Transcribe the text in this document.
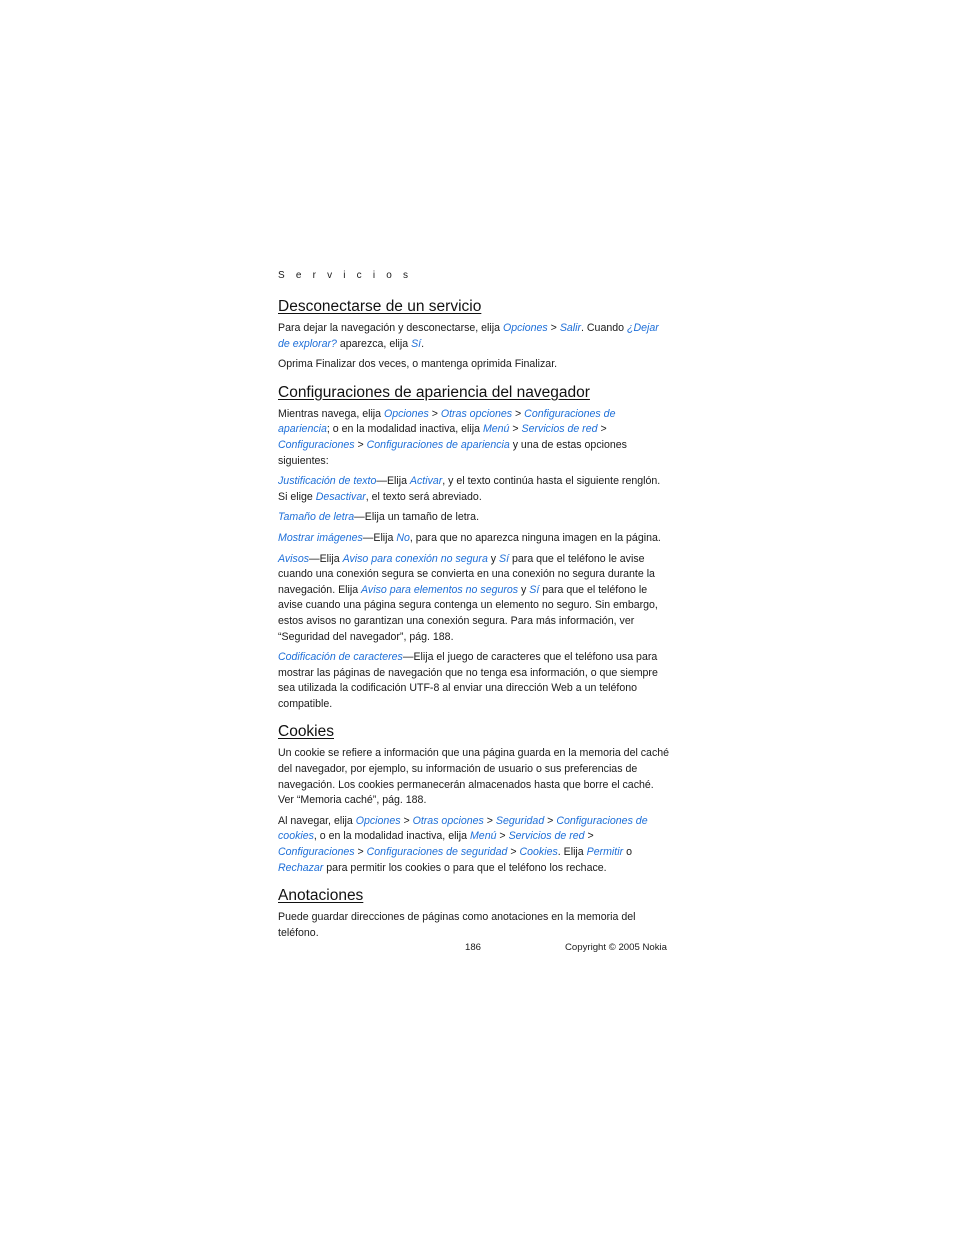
S e r v i c i o s
Desconectarse de un servicio

Para dejar la navegación y desconectarse, elija Opciones > Salir. Cuando ¿Dejar de explorar? aparezca, elija Sí.

Oprima Finalizar dos veces, o mantenga oprimida Finalizar.

Configuraciones de apariencia del navegador

Mientras navega, elija Opciones > Otras opciones > Configuraciones de apariencia; o en la modalidad inactiva, elija Menú > Servicios de red > Configuraciones > Configuraciones de apariencia y una de estas opciones siguientes:

Justificación de texto—Elija Activar, y el texto continúa hasta el siguiente renglón. Si elige Desactivar, el texto será abreviado.

Tamaño de letra—Elija un tamaño de letra.

Mostrar imágenes—Elija No, para que no aparezca ninguna imagen en la página.

Avisos—Elija Aviso para conexión no segura y Sí para que el teléfono le avise cuando una conexión segura se convierta en una conexión no segura durante la navegación. Elija Aviso para elementos no seguros y Sí para que el teléfono le avise cuando una página segura contenga un elemento no seguro. Sin embargo, estos avisos no garantizan una conexión segura. Para más información, ver “Seguridad del navegador”, pág. 188.

Codificación de caracteres—Elija el juego de caracteres que el teléfono usa para mostrar las páginas de navegación que no tenga esa información, o que siempre sea utilizada la codificación UTF-8 al enviar una dirección Web a un teléfono compatible.

Cookies

Un cookie se refiere a información que una página guarda en la memoria del caché del navegador, por ejemplo, su información de usuario o sus preferencias de navegación. Los cookies permanecerán almacenados hasta que borre el caché. Ver “Memoria caché”, pág. 188.

Al navegar, elija Opciones > Otras opciones > Seguridad > Configuraciones de cookies, o en la modalidad inactiva, elija Menú > Servicios de red > Configuraciones > Configuraciones de seguridad > Cookies. Elija Permitir o Rechazar para permitir los cookies o para que el teléfono los rechace.

Anotaciones

Puede guardar direcciones de páginas como anotaciones en la memoria del teléfono.

186	Copyright © 2005 Nokia
